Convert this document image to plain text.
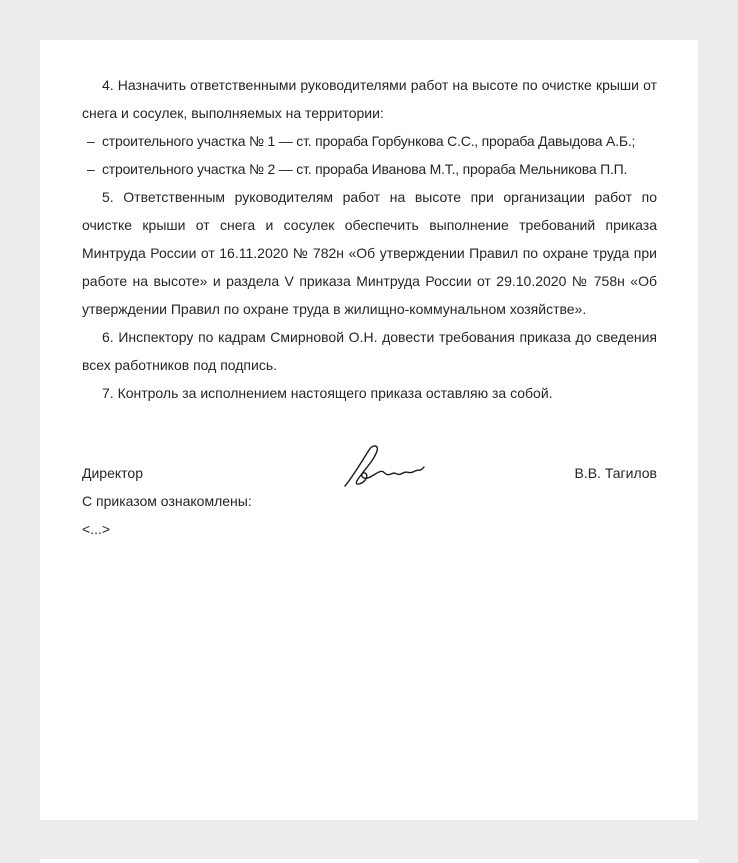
4. Назначить ответственными руководителями работ на высоте по очистке крыши от снега и сосулек, выполняемых на территории:

–  строительного участка № 1 — ст. прораба Горбункова С.С., прораба Давыдова А.Б.;

–  строительного участка № 2 — ст. прораба Иванова М.Т., прораба Мельникова П.П.

5. Ответственным руководителям работ на высоте при организации работ по очистке крыши от снега и сосулек обеспечить выполнение требований приказа Минтруда России от 16.11.2020 № 782н «Об утверждении Правил по охране труда при работе на высоте» и раздела V приказа Минтруда России от 29.10.2020 № 758н «Об утверждении Правил по охране труда в жилищно-коммунальном хозяйстве».

6. Инспектору по кадрам Смирновой О.Н. довести требования приказа до сведения всех работников под подпись.

7. Контроль за исполнением настоящего приказа оставляю за собой.

Директор	В.В. Тагилов

С приказом ознакомлены:

<...>
